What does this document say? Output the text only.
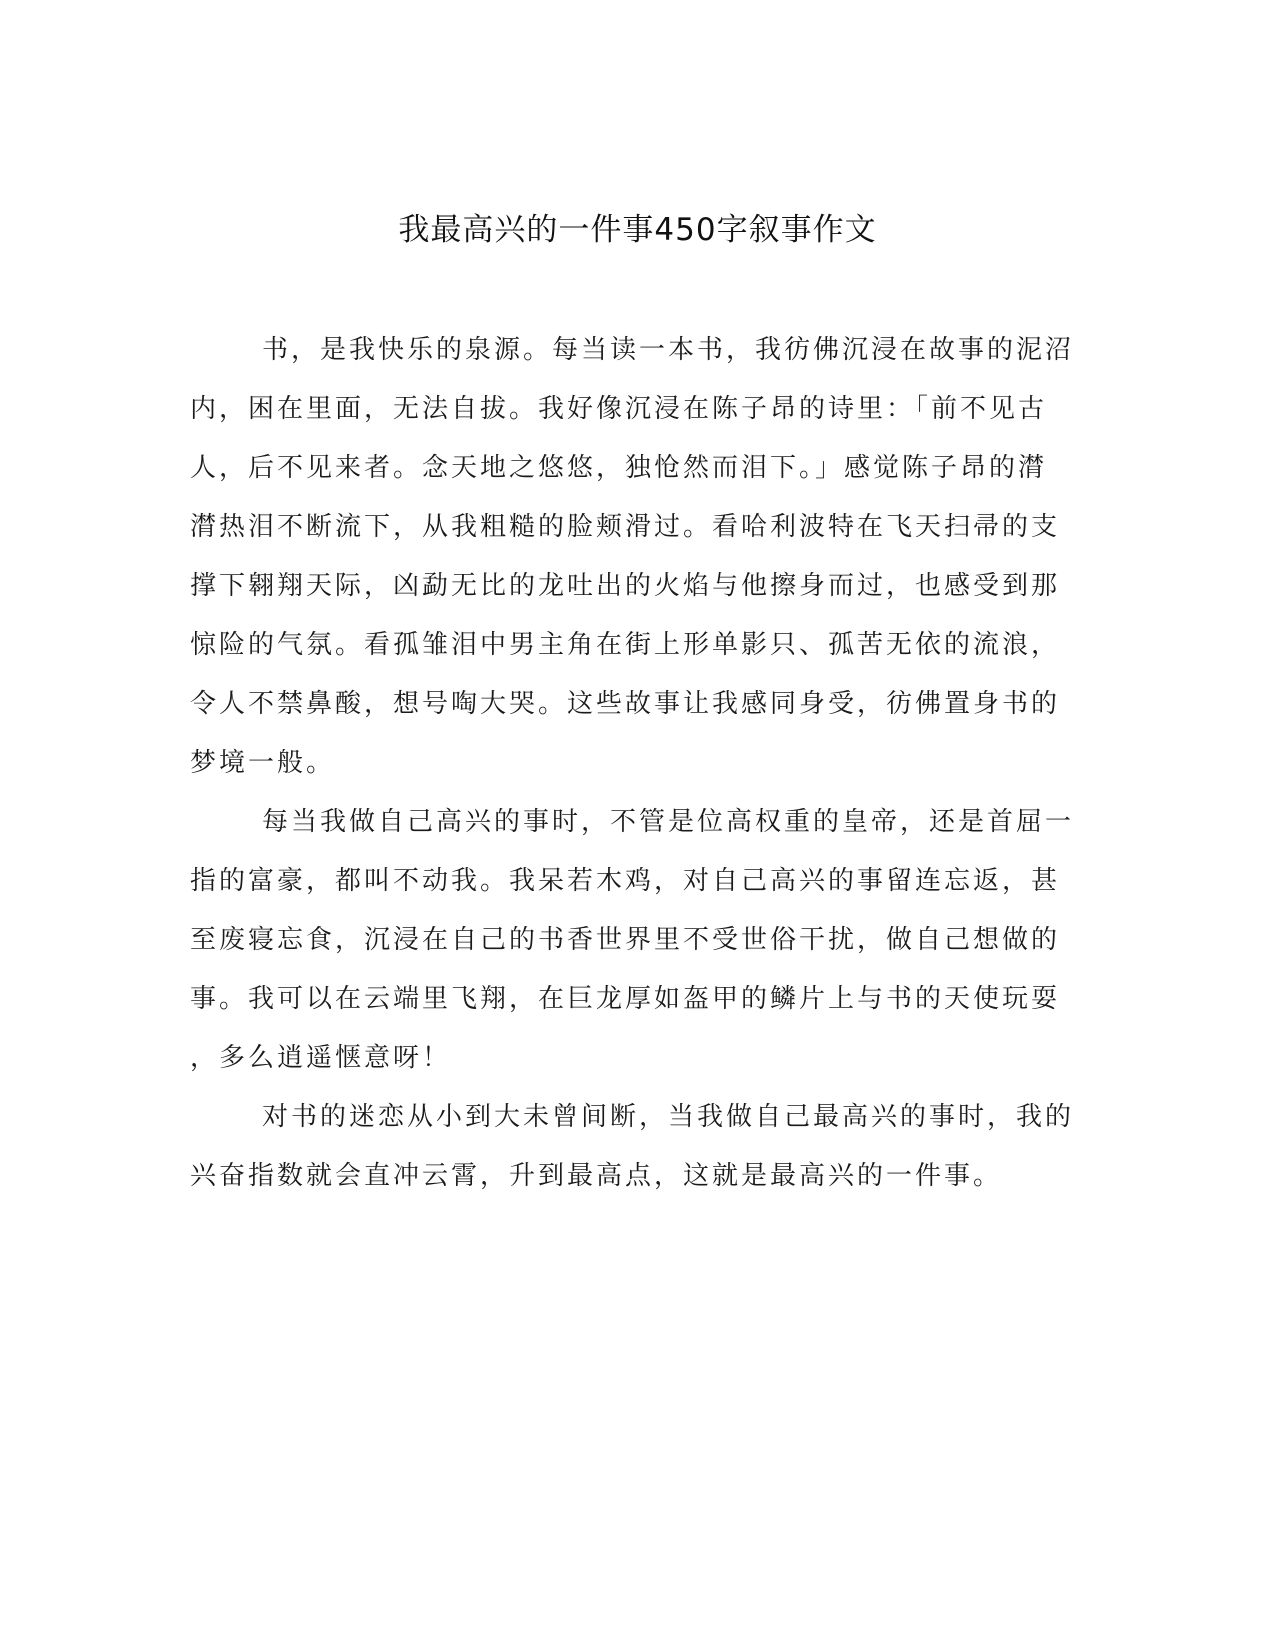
我最高兴的一件事450字叙事作文
书，是我快乐的泉源。每当读一本书，我彷佛沉浸在故事的泥沼
内，困在里面，无法自拔。我好像沉浸在陈子昂的诗里：「前不见古
人，后不见来者。念天地之悠悠，独怆然而泪下。」感觉陈子昂的潸
潸热泪不断流下，从我粗糙的脸颊滑过。看哈利波特在飞天扫帚的支
撑下翱翔天际，凶勐无比的龙吐出的火焰与他擦身而过，也感受到那
惊险的气氛。看孤雏泪中男主角在街上形单影只、孤苦无依的流浪，
令人不禁鼻酸，想号啕大哭。这些故事让我感同身受，彷佛置身书的
梦境一般。
每当我做自己高兴的事时，不管是位高权重的皇帝，还是首屈一
指的富豪，都叫不动我。我呆若木鸡，对自己高兴的事留连忘返，甚
至废寝忘食，沉浸在自己的书香世界里不受世俗干扰，做自己想做的
事。我可以在云端里飞翔，在巨龙厚如盔甲的鳞片上与书的天使玩耍
，多么逍遥惬意呀！
对书的迷恋从小到大未曾间断，当我做自己最高兴的事时，我的
兴奋指数就会直冲云霄，升到最高点，这就是最高兴的一件事。
